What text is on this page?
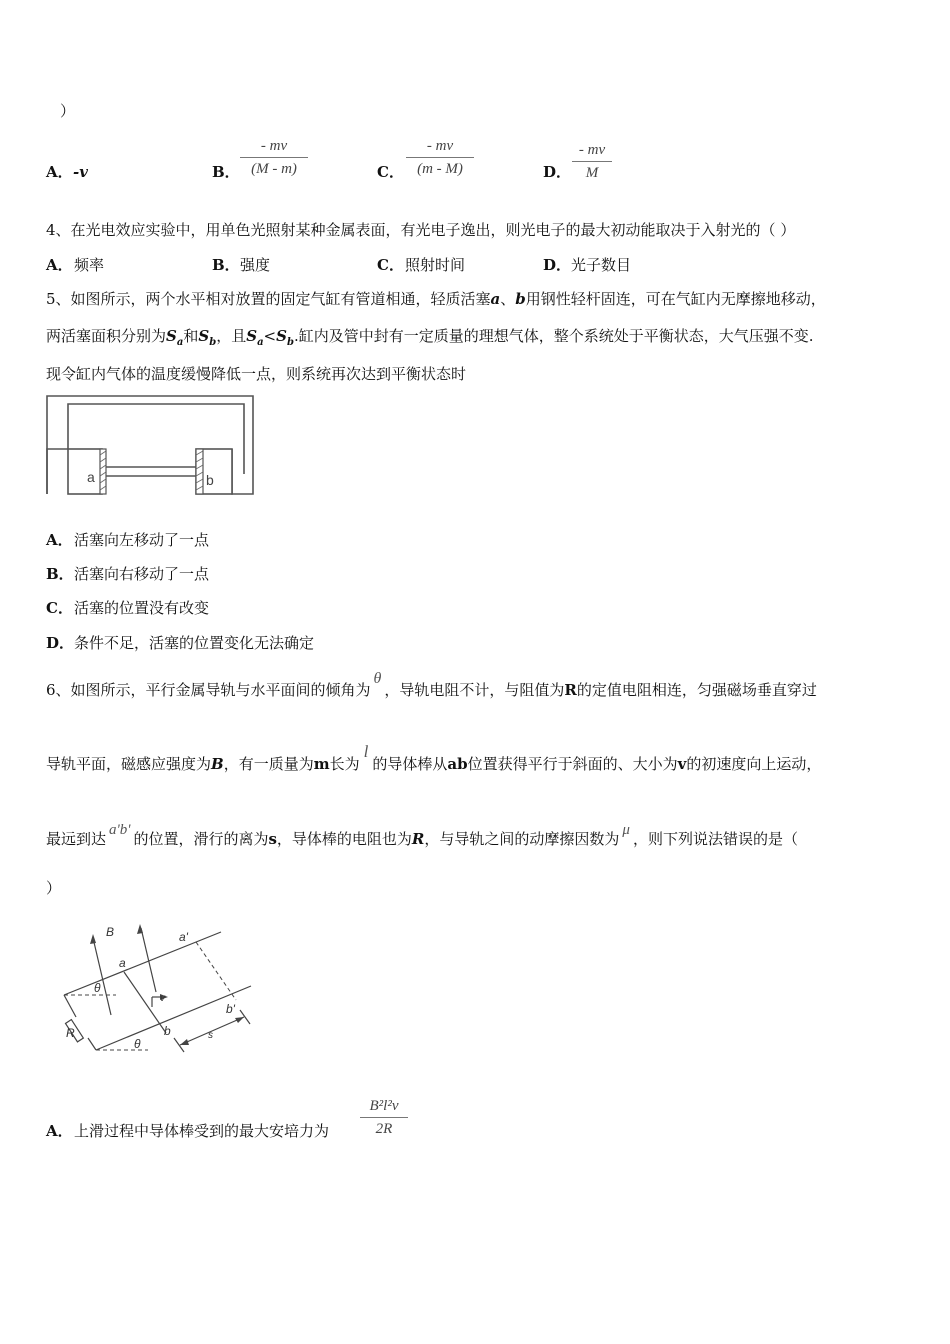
）
A． -v	B．
- mv
(M - m)	C．
- mv
(m - M)	D．
- mv
M
4、在光电效应实验中，用单色光照射某种金属表面，有光电子逸出，则光电子的最大初动能取决于入射光的（ ）
A． 频率	B． 强度	C． 照射时间	D． 光子数目
5、如图所示，两个水平相对放置的固定气缸有管道相通，轻质活塞a、b用钢性轻杆固连，可在气缸内无摩擦地移动，
两活塞面积分别为$S_a$和$S_b$，且$S_a<S_b$.缸内及管中封有一定质量的理想气体，整个系统处于平衡状态，大气压强不变.
现令缸内气体的温度缓慢降低一点，则系统再次达到平衡状态时
a	b
A． 活塞向左移动了一点
B． 活塞向右移动了一点
C． 活塞的位置没有改变
D． 条件不足，活塞的位置变化无法确定
6、如图所示，平行金属导轨与水平面间的倾角为θ，导轨电阻不计，与阻值为R的定值电阻相连，匀强磁场垂直穿过
导轨平面，磁感应强度为B，有一质量为m长为l的导体棒从ab位置获得平行于斜面的、大小为v的初速度向上运动，
最远到达 a'b' 的位置，滑行的离为s，导体棒的电阻也为R，与导轨之间的动摩擦因数为 μ ，则下列说法错误的是（
）
B	a'
a
θ
v
b'
R	b	s
θ
A． 上滑过程中导体棒受到的最大安培力为
B²l²v
2R
